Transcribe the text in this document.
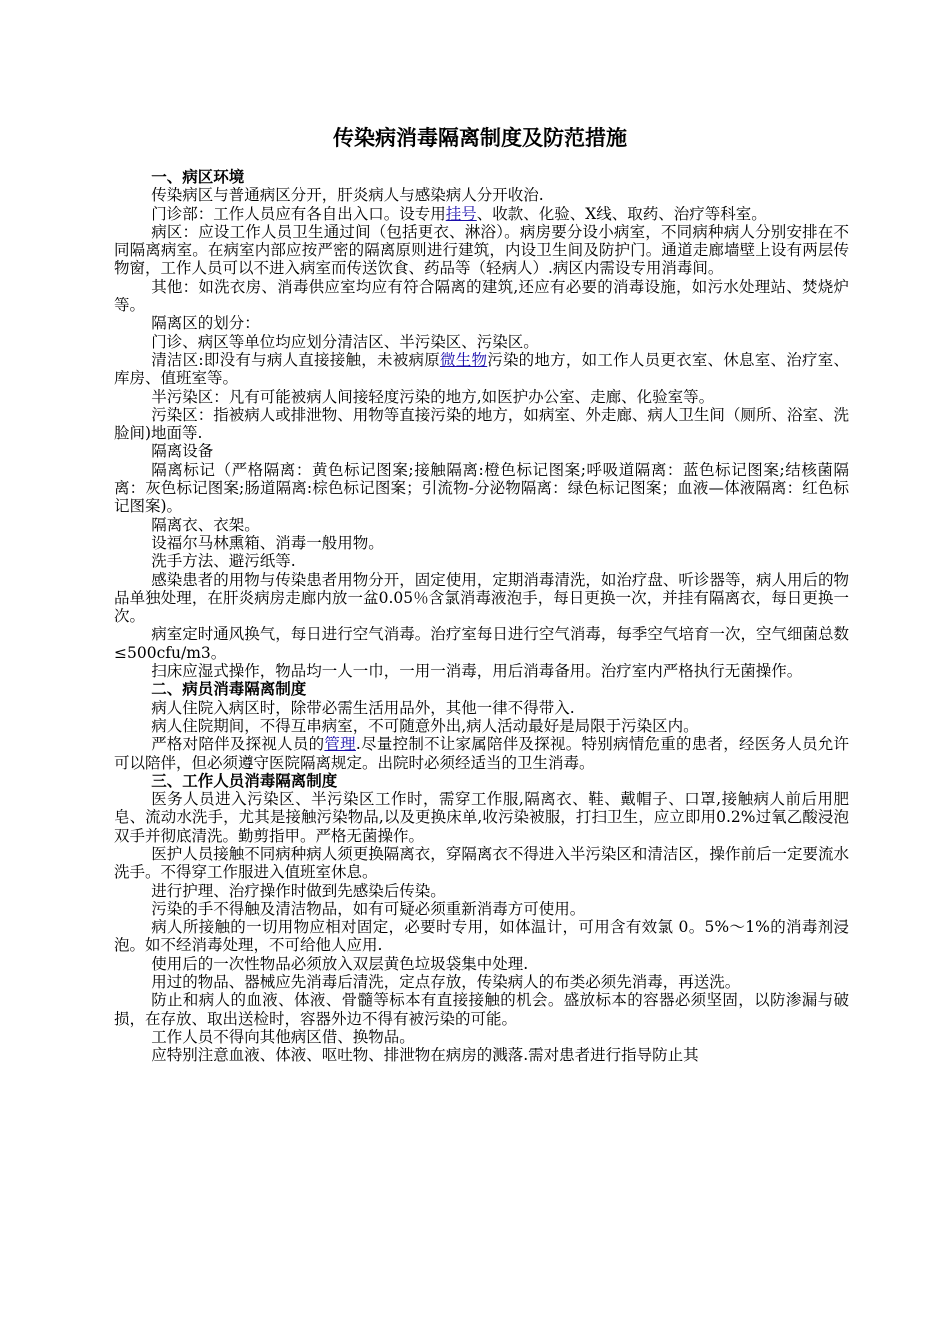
传染病消毒隔离制度及防范措施
一、病区环境

传染病区与普通病区分开，肝炎病人与感染病人分开收治.

门诊部：工作人员应有各自出入口。设专用挂号、收款、化验、X线、取药、治疗等科室。

病区：应设工作人员卫生通过间（包括更衣、淋浴）。病房要分设小病室，不同病种病人分别安排在不同隔离病室。在病室内部应按严密的隔离原则进行建筑，内设卫生间及防护门。通道走廊墙壁上设有两层传物窗，工作人员可以不进入病室而传送饮食、药品等（轻病人）.病区内需设专用消毒间。

其他：如洗衣房、消毒供应室均应有符合隔离的建筑,还应有必要的消毒设施，如污水处理站、焚烧炉等。

隔离区的划分：

门诊、病区等单位均应划分清洁区、半污染区、污染区。

清洁区:即没有与病人直接接触，未被病原微生物污染的地方，如工作人员更衣室、休息室、治疗室、库房、值班室等。

半污染区：凡有可能被病人间接轻度污染的地方,如医护办公室、走廊、化验室等。

污染区：指被病人或排泄物、用物等直接污染的地方，如病室、外走廊、病人卫生间（厕所、浴室、洗脸间)地面等.

隔离设备

隔离标记（严格隔离：黄色标记图案;接触隔离:橙色标记图案;呼吸道隔离：蓝色标记图案;结核菌隔离：灰色标记图案;肠道隔离:棕色标记图案；引流物-分泌物隔离：绿色标记图案；血液—体液隔离：红色标记图案)。

隔离衣、衣架。

设福尔马林熏箱、消毒一般用物。

洗手方法、避污纸等.

感染患者的用物与传染患者用物分开，固定使用，定期消毒清洗，如治疗盘、听诊器等，病人用后的物品单独处理，在肝炎病房走廊内放一盆0.05％含氯消毒液泡手，每日更换一次，并挂有隔离衣，每日更换一次。

病室定时通风换气，每日进行空气消毒。治疗室每日进行空气消毒，每季空气培育一次，空气细菌总数≤500cfu/m3。

扫床应湿式操作，物品均一人一巾，一用一消毒，用后消毒备用。治疗室内严格执行无菌操作。

二、病员消毒隔离制度

病人住院入病区时，除带必需生活用品外，其他一律不得带入.

病人住院期间，不得互串病室，不可随意外出,病人活动最好是局限于污染区内。

严格对陪伴及探视人员的管理.尽量控制不让家属陪伴及探视。特别病情危重的患者，经医务人员允许可以陪伴，但必须遵守医院隔离规定。出院时必须经适当的卫生消毒。

三、工作人员消毒隔离制度

医务人员进入污染区、半污染区工作时，需穿工作服,隔离衣、鞋、戴帽子、口罩,接触病人前后用肥皂、流动水洗手，尤其是接触污染物品,以及更换床单,收污染被服，打扫卫生，应立即用0.2%过氧乙酸浸泡双手并彻底清洗。勤剪指甲。严格无菌操作。

医护人员接触不同病种病人须更换隔离衣，穿隔离衣不得进入半污染区和清洁区，操作前后一定要流水洗手。不得穿工作服进入值班室休息。

进行护理、治疗操作时做到先感染后传染。

污染的手不得触及清洁物品，如有可疑必须重新消毒方可使用。

病人所接触的一切用物应相对固定，必要时专用，如体温计，可用含有效氯 0。5%～1%的消毒剂浸泡。如不经消毒处理，不可给他人应用.

使用后的一次性物品必须放入双层黄色垃圾袋集中处理.

用过的物品、器械应先消毒后清洗，定点存放，传染病人的布类必须先消毒，再送洗。

防止和病人的血液、体液、骨髓等标本有直接接触的机会。盛放标本的容器必须坚固，以防渗漏与破损，在存放、取出送检时，容器外边不得有被污染的可能。

工作人员不得向其他病区借、换物品。

应特别注意血液、体液、呕吐物、排泄物在病房的溅落.需对患者进行指导防止其
